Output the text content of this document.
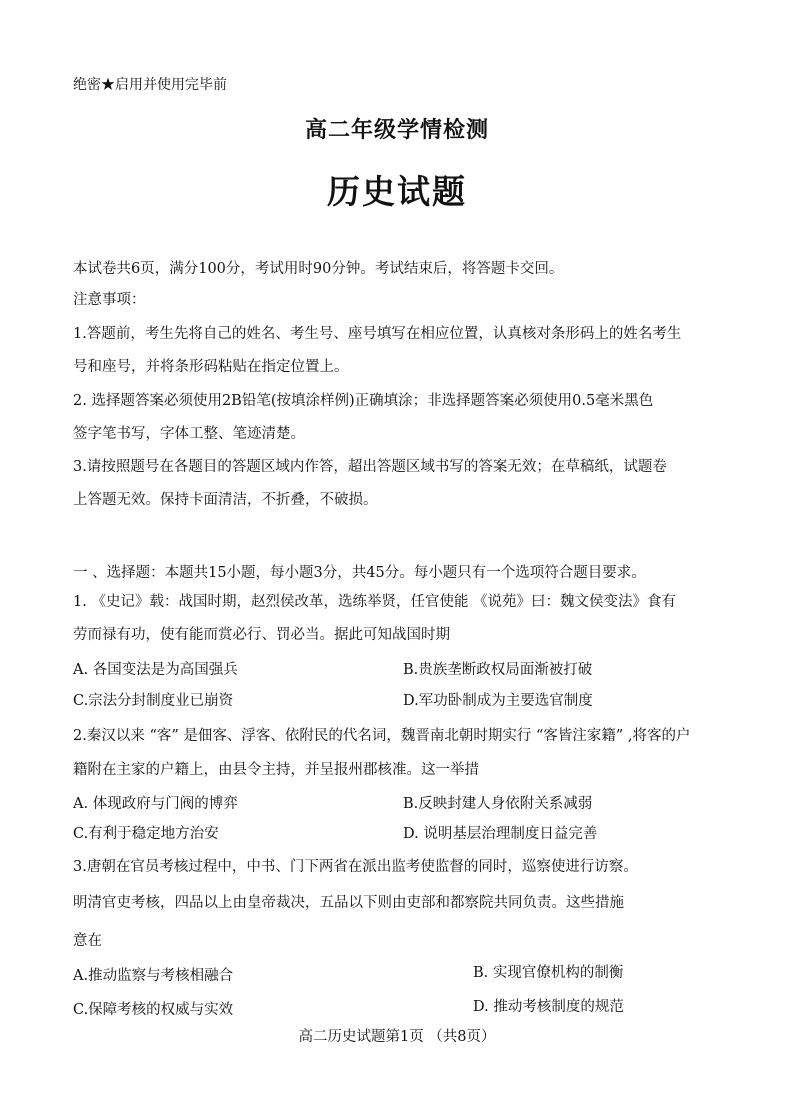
绝密★启用并使用完毕前
高二年级学情检测
历史试题
本试卷共6页，满分100分，考试用时90分钟。考试结束后，将答题卡交回。
注意事项：
1.答题前，考生先将自己的姓名、考生号、座号填写在相应位置，认真核对条形码上的姓名考生
号和座号，并将条形码粘贴在指定位置上。
2. 选择题答案必须使用2B铅笔(按填涂样例)正确填涂；非选择题答案必须使用0.5毫米黑色
签字笔书写，字体工整、笔迹清楚。
3.请按照题号在各题目的答题区域内作答，超出答题区域书写的答案无效；在草稿纸，试题卷
上答题无效。保持卡面清洁，不折叠，不破损。
一 、选择题：本题共15小题，每小题3分，共45分。每小题只有一个选项符合题目要求。
1. 《史记》载：战国时期，赵烈侯改革，选练举贤，任官使能 《说苑》曰：魏文侯变法》食有
劳而禄有功，使有能而赏必行、罚必当。据此可知战国时期
A. 各国变法是为高国强兵	B.贵族垄断政权局面渐被打破
C.宗法分封制度业已崩资	D.军功卧制成为主要选官制度
2.秦汉以来 “客” 是佃客、浮客、依附民的代名词，魏晋南北朝时期实行 “客皆注家籍” ,将客的户
籍附在主家的户籍上，由县令主持，并呈报州郡核准。这一举措
A. 体现政府与门阀的博弈	B.反映封建人身依附关系减弱
C.有利于稳定地方治安	D. 说明基层治理制度日益完善
3.唐朝在官员考核过程中，中书、门下两省在派出监考使监督的同时，巡察使进行访察。
明清官吏考核，四品以上由皇帝裁决，五品以下则由吏部和都察院共同负责。这些措施
意在
A.推动监察与考核相融合	B. 实现官僚机构的制衡
C.保障考核的权威与实效	D. 推动考核制度的规范
高二历史试题第1页 （共8页）
